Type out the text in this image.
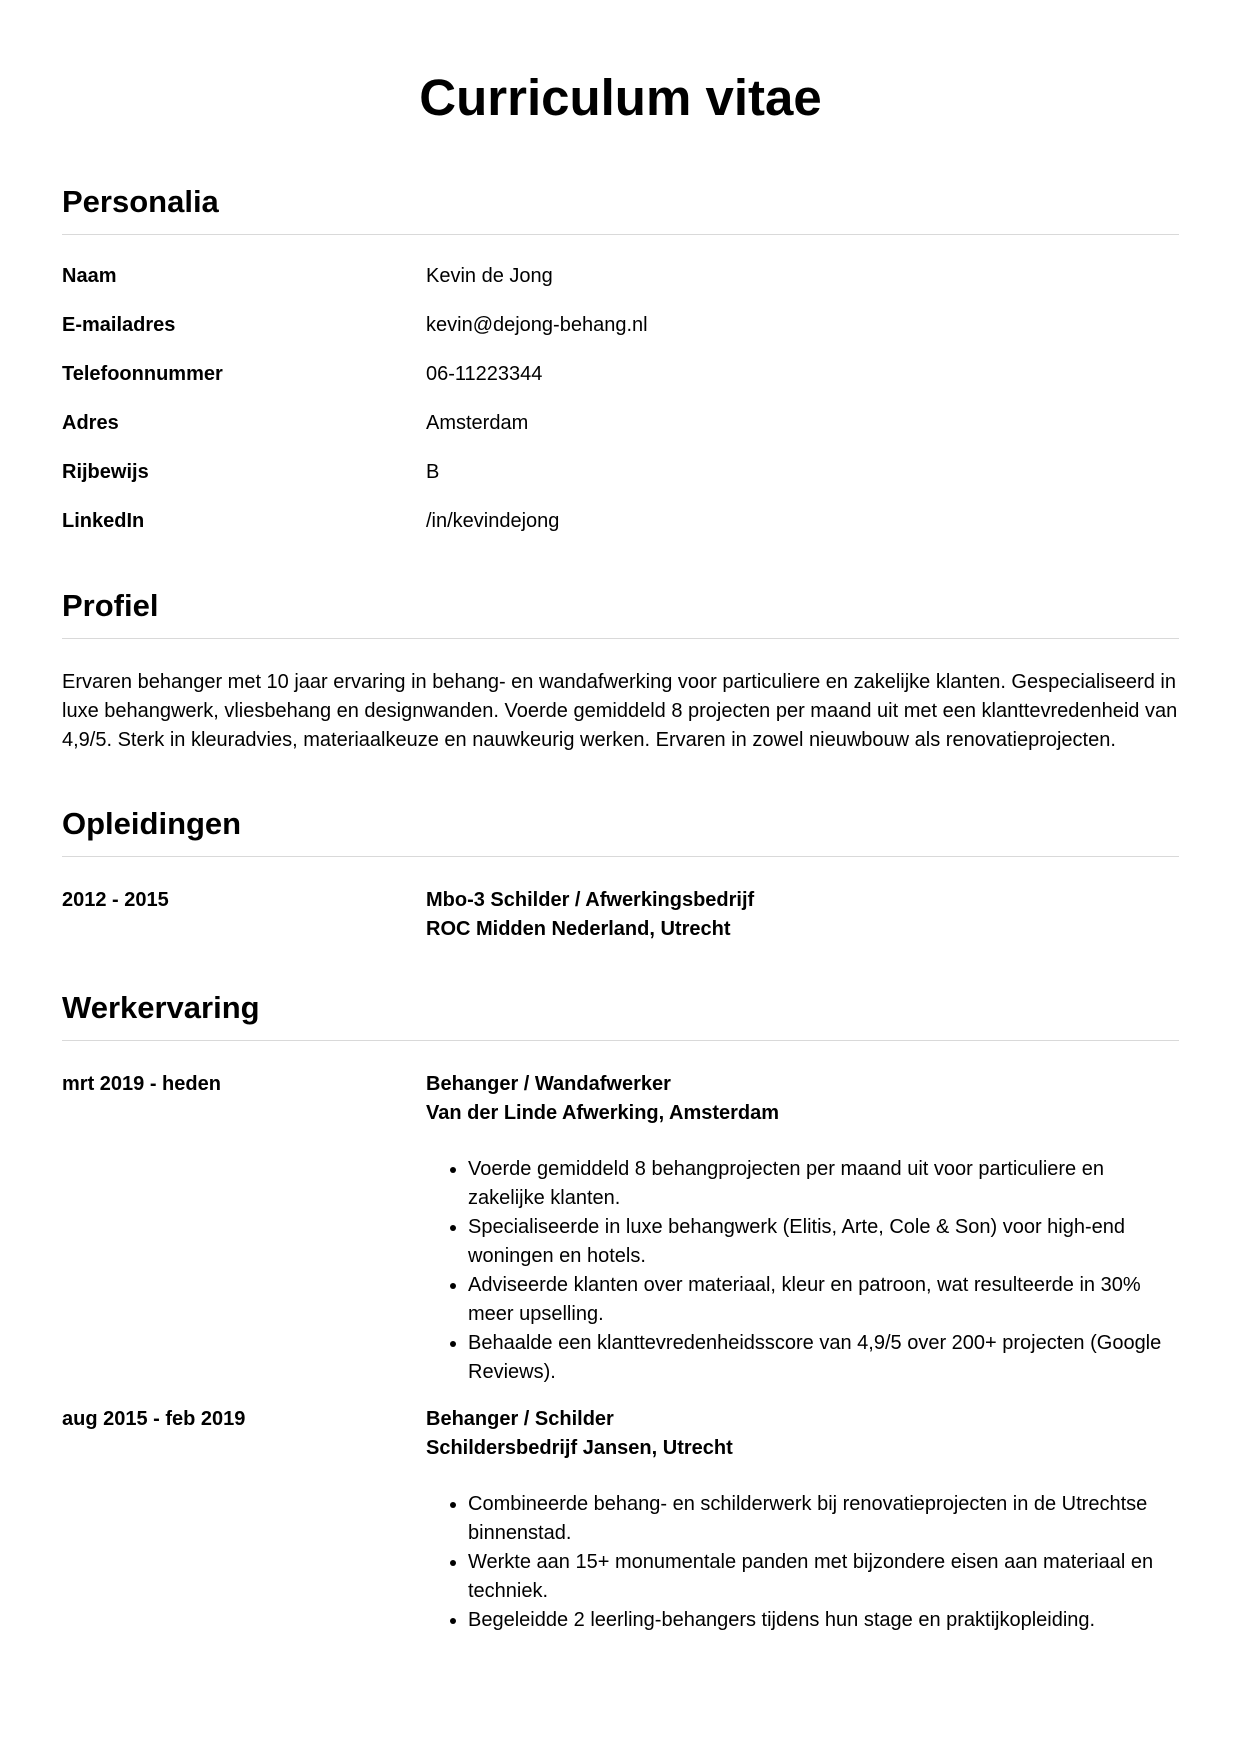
Curriculum vitae
Personalia
Naam	Kevin de Jong
E-mailadres	kevin@dejong-behang.nl
Telefoonnummer	06-11223344
Adres	Amsterdam
Rijbewijs	B
LinkedIn	/in/kevindejong
Profiel

Ervaren behanger met 10 jaar ervaring in behang- en wandafwerking voor particuliere en zakelijke klanten. Gespecialiseerd in luxe behangwerk, vliesbehang en designwanden. Voerde gemiddeld 8 projecten per maand uit met een klanttevredenheid van 4,9/5. Sterk in kleuradvies, materiaalkeuze en nauwkeurig werken. Ervaren in zowel nieuwbouw als renovatieprojecten.

Opleidingen
2012 - 2015	Mbo-3 Schilder / Afwerkingsbedrijf
ROC Midden Nederland, Utrecht
Werkervaring
mrt 2019 - heden	Behanger / Wandafwerker
Van der Linde Afwerking, Amsterdam
• Voerde gemiddeld 8 behangprojecten per maand uit voor particuliere en zakelijke klanten.
• Specialiseerde in luxe behangwerk (Elitis, Arte, Cole & Son) voor high-end woningen en hotels.
• Adviseerde klanten over materiaal, kleur en patroon, wat resulteerde in 30% meer upselling.
• Behaalde een klanttevredenheidsscore van 4,9/5 over 200+ projecten (Google Reviews).
aug 2015 - feb 2019	Behanger / Schilder
Schildersbedrijf Jansen, Utrecht
• Combineerde behang- en schilderwerk bij renovatieprojecten in de Utrechtse binnenstad.
• Werkte aan 15+ monumentale panden met bijzondere eisen aan materiaal en techniek.
• Begeleidde 2 leerling-behangers tijdens hun stage en praktijkopleiding.
